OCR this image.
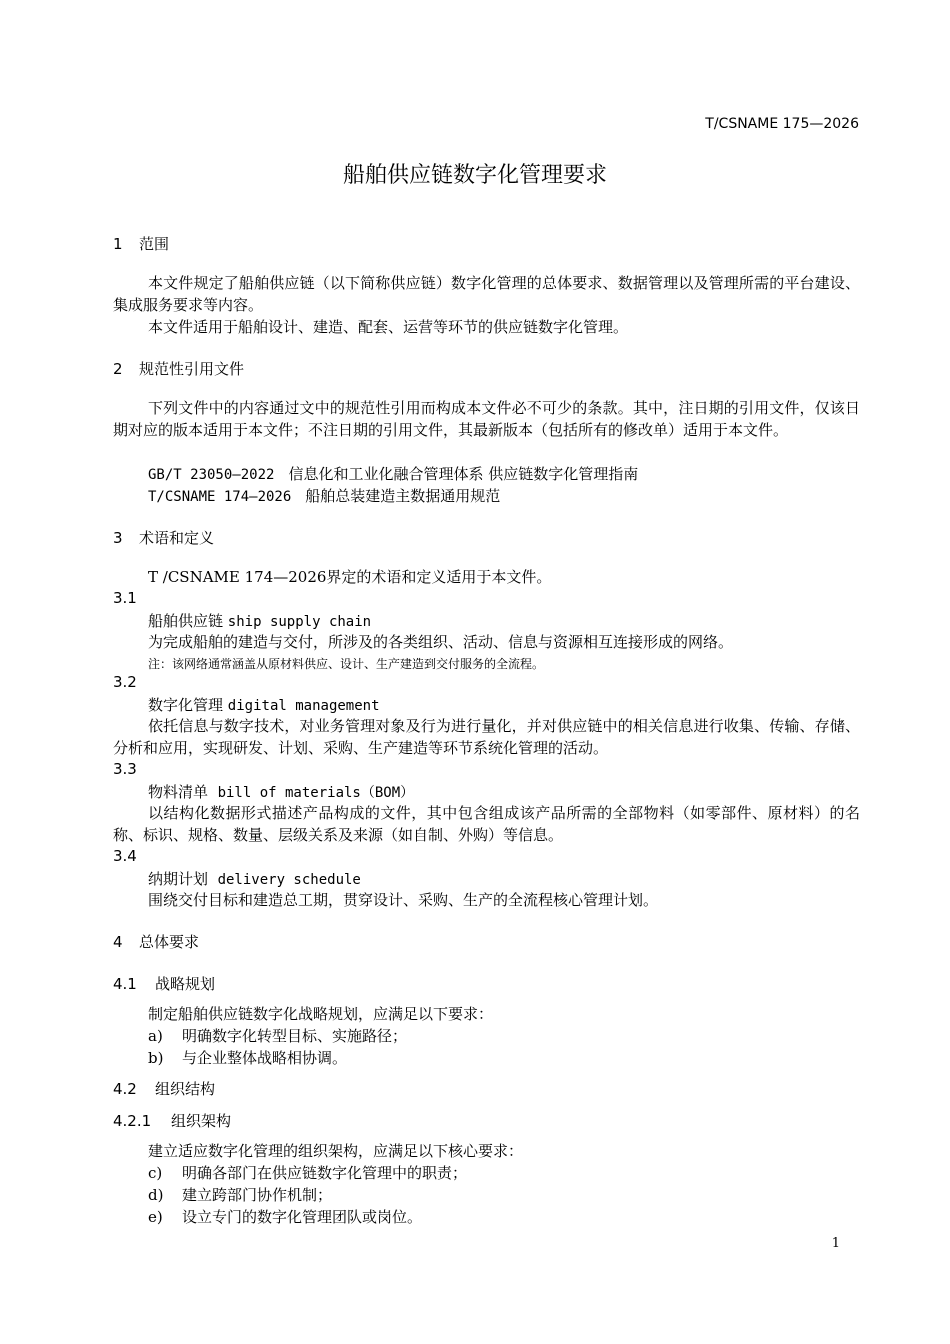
T/CSNAME 175—2026
船舶供应链数字化管理要求
1 范围
本文件规定了船舶供应链（以下简称供应链）数字化管理的总体要求、数据管理以及管理所需的平台建设、集成服务要求等内容。
本文件适用于船舶设计、建造、配套、运营等环节的供应链数字化管理。
2 规范性引用文件
下列文件中的内容通过文中的规范性引用而构成本文件必不可少的条款。其中，注日期的引用文件，仅该日期对应的版本适用于本文件；不注日期的引用文件，其最新版本（包括所有的修改单）适用于本文件。
GB/T 23050—2022 信息化和工业化融合管理体系 供应链数字化管理指南
T/CSNAME 174—2026 船舶总装建造主数据通用规范
3 术语和定义
T /CSNAME 174—2026界定的术语和定义适用于本文件。
3.1
船舶供应链 ship supply chain
为完成船舶的建造与交付，所涉及的各类组织、活动、信息与资源相互连接形成的网络。
注：该网络通常涵盖从原材料供应、设计、生产建造到交付服务的全流程。
3.2
数字化管理 digital management
依托信息与数字技术，对业务管理对象及行为进行量化，并对供应链中的相关信息进行收集、传输、存储、分析和应用，实现研发、计划、采购、生产建造等环节系统化管理的活动。
3.3
物料清单 bill of materials（BOM）
以结构化数据形式描述产品构成的文件，其中包含组成该产品所需的全部物料（如零部件、原材料）的名称、标识、规格、数量、层级关系及来源（如自制、外购）等信息。
3.4
纳期计划 delivery schedule
围绕交付目标和建造总工期，贯穿设计、采购、生产的全流程核心管理计划。
4 总体要求
4.1 战略规划
制定船舶供应链数字化战略规划，应满足以下要求：
a) 明确数字化转型目标、实施路径；
b) 与企业整体战略相协调。
4.2 组织结构
4.2.1 组织架构
建立适应数字化管理的组织架构，应满足以下核心要求：
c) 明确各部门在供应链数字化管理中的职责；
d) 建立跨部门协作机制；
e) 设立专门的数字化管理团队或岗位。
1
